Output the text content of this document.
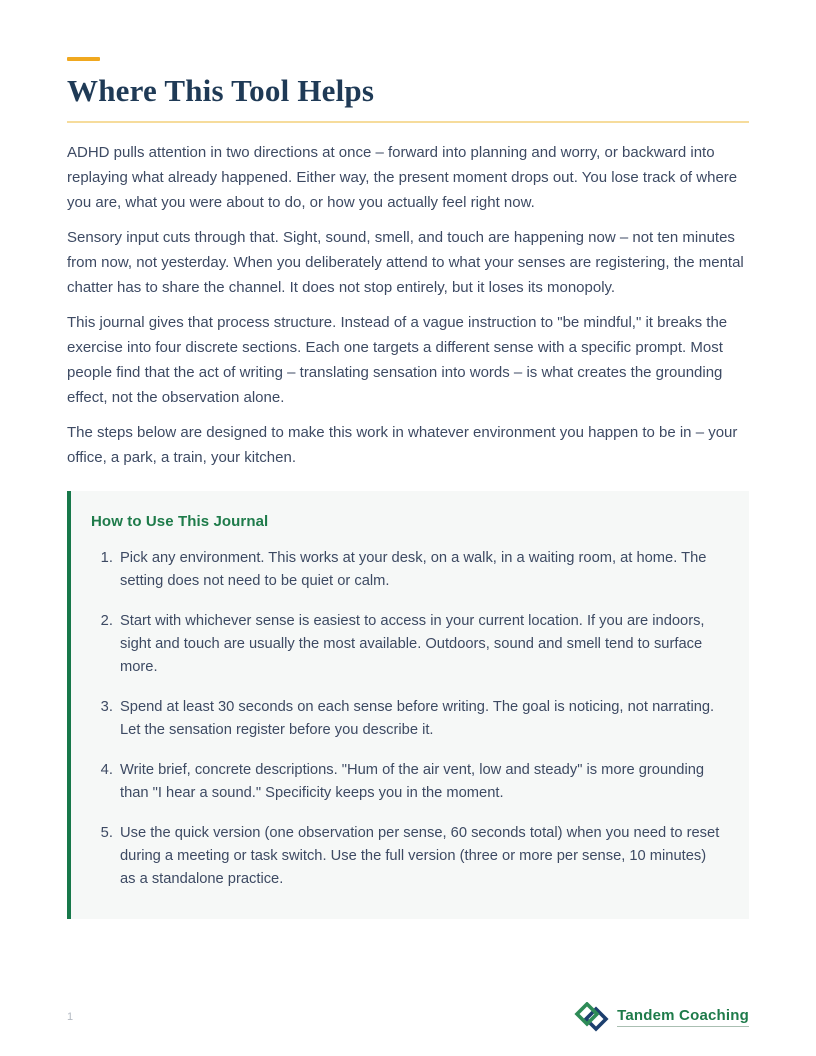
Where This Tool Helps

ADHD pulls attention in two directions at once – forward into planning and worry, or backward into replaying what already happened. Either way, the present moment drops out. You lose track of where you are, what you were about to do, or how you actually feel right now.

Sensory input cuts through that. Sight, sound, smell, and touch are happening now – not ten minutes from now, not yesterday. When you deliberately attend to what your senses are registering, the mental chatter has to share the channel. It does not stop entirely, but it loses its monopoly.

This journal gives that process structure. Instead of a vague instruction to "be mindful," it breaks the exercise into four discrete sections. Each one targets a different sense with a specific prompt. Most people find that the act of writing – translating sensation into words – is what creates the grounding effect, not the observation alone.

The steps below are designed to make this work in whatever environment you happen to be in – your office, a park, a train, your kitchen.

How to Use This Journal
1. Pick any environment. This works at your desk, on a walk, in a waiting room, at home. The setting does not need to be quiet or calm.
2. Start with whichever sense is easiest to access in your current location. If you are indoors, sight and touch are usually the most available. Outdoors, sound and smell tend to surface more.
3. Spend at least 30 seconds on each sense before writing. The goal is noticing, not narrating. Let the sensation register before you describe it.
4. Write brief, concrete descriptions. "Hum of the air vent, low and steady" is more grounding than "I hear a sound." Specificity keeps you in the moment.
5. Use the quick version (one observation per sense, 60 seconds total) when you need to reset during a meeting or task switch. Use the full version (three or more per sense, 10 minutes) as a standalone practice.
1	Tandem Coaching
